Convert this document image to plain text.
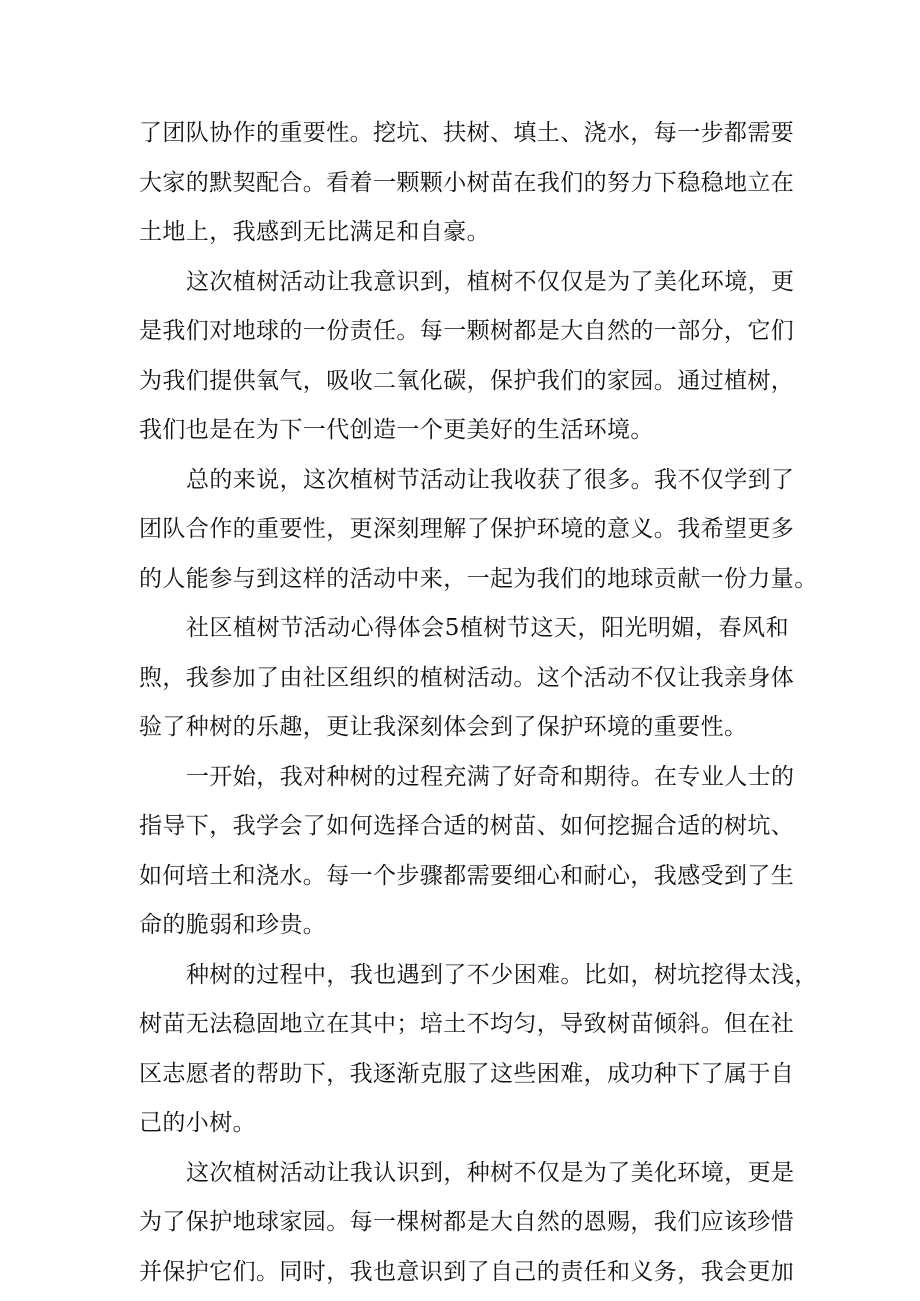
了团队协作的重要性。挖坑、扶树、填土、浇水，每一步都需要
大家的默契配合。看着一颗颗小树苗在我们的努力下稳稳地立在
土地上，我感到无比满足和自豪。
这次植树活动让我意识到，植树不仅仅是为了美化环境，更
是我们对地球的一份责任。每一颗树都是大自然的一部分，它们
为我们提供氧气，吸收二氧化碳，保护我们的家园。通过植树，
我们也是在为下一代创造一个更美好的生活环境。
总的来说，这次植树节活动让我收获了很多。我不仅学到了
团队合作的重要性，更深刻理解了保护环境的意义。我希望更多
的人能参与到这样的活动中来，一起为我们的地球贡献一份力量。
社区植树节活动心得体会5植树节这天，阳光明媚，春风和
煦，我参加了由社区组织的植树活动。这个活动不仅让我亲身体
验了种树的乐趣，更让我深刻体会到了保护环境的重要性。
一开始，我对种树的过程充满了好奇和期待。在专业人士的
指导下，我学会了如何选择合适的树苗、如何挖掘合适的树坑、
如何培土和浇水。每一个步骤都需要细心和耐心，我感受到了生
命的脆弱和珍贵。
种树的过程中，我也遇到了不少困难。比如，树坑挖得太浅，
树苗无法稳固地立在其中；培土不均匀，导致树苗倾斜。但在社
区志愿者的帮助下，我逐渐克服了这些困难，成功种下了属于自
己的小树。
这次植树活动让我认识到，种树不仅是为了美化环境，更是
为了保护地球家园。每一棵树都是大自然的恩赐，我们应该珍惜
并保护它们。同时，我也意识到了自己的责任和义务，我会更加
